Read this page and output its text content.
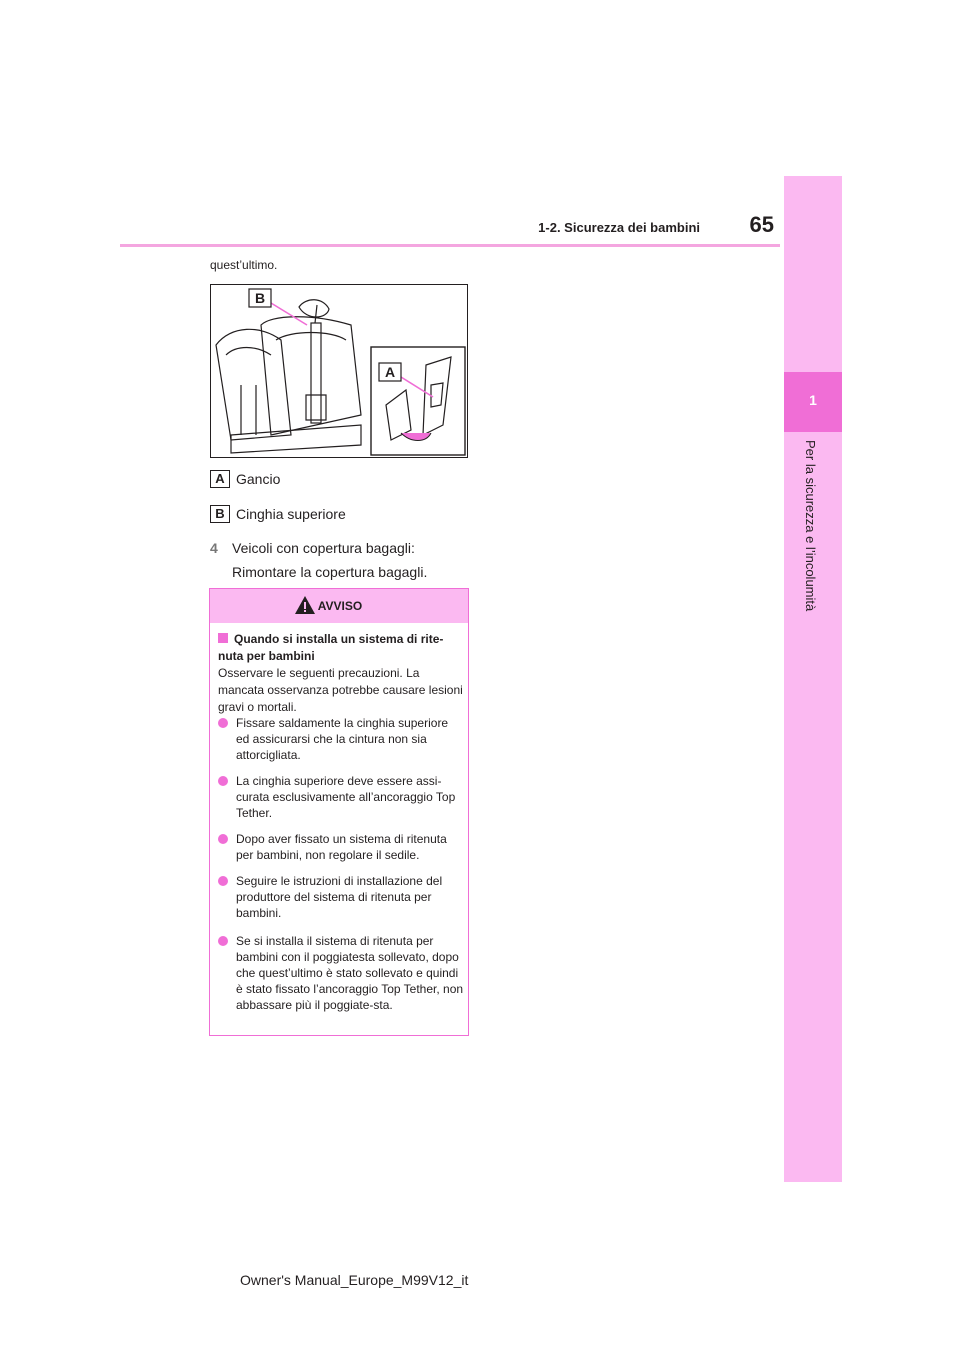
1
Per la sicurezza e l’incolumità
1-2. Sicurezza dei bambini	65
quest’ultimo.
B
A
A Gancio
B Cinghia superiore
4 Veicoli con copertura bagagli:
Rimontare la copertura bagagli.
AVVISO
Quando si installa un sistema di rite-nuta per bambini
Osservare le seguenti precauzioni. La mancata osservanza potrebbe causare lesioni gravi o mortali.
Fissare saldamente la cinghia superiore ed assicurarsi che la cintura non sia attorcigliata.
La cinghia superiore deve essere assi-curata esclusivamente all’ancoraggio Top Tether.
Dopo aver fissato un sistema di ritenuta per bambini, non regolare il sedile.
Seguire le istruzioni di installazione del produttore del sistema di ritenuta per bambini.
Se si installa il sistema di ritenuta per bambini con il poggiatesta sollevato, dopo che quest’ultimo è stato sollevato e quindi è stato fissato l’ancoraggio Top Tether, non abbassare più il poggiate-sta.
Owner's Manual_Europe_M99V12_it
